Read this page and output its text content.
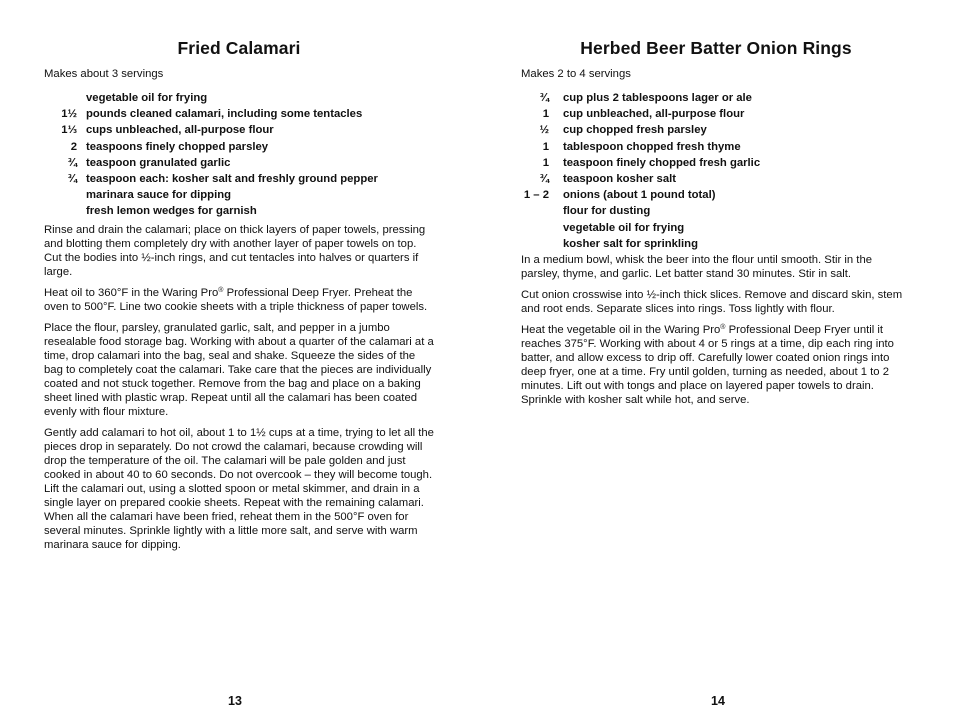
Fried Calamari
Makes about 3 servings
vegetable oil for frying
1½ pounds cleaned calamari, including some tentacles
1⅓ cups unbleached, all-purpose flour
2 teaspoons finely chopped parsley
¾ teaspoon granulated garlic
¾ teaspoon each: kosher salt and freshly ground pepper
marinara sauce for dipping
fresh lemon wedges for garnish

Rinse and drain the calamari; place on thick layers of paper towels, pressing and blotting them completely dry with another layer of paper towels on top. Cut the bodies into ½-inch rings, and cut tentacles into halves or quarters if large.

Heat oil to 360°F in the Waring Pro® Professional Deep Fryer. Preheat the oven to 500°F. Line two cookie sheets with a triple thickness of paper towels.

Place the flour, parsley, granulated garlic, salt, and pepper in a jumbo resealable food storage bag. Working with about a quarter of the calamari at a time, drop calamari into the bag, seal and shake. Squeeze the sides of the bag to completely coat the calamari. Take care that the pieces are individually coated and not stuck together. Remove from the bag and place on a baking sheet lined with plastic wrap. Repeat until all the calamari has been coated evenly with flour mixture.

Gently add calamari to hot oil, about 1 to 1½ cups at a time, trying to let all the pieces drop in separately. Do not crowd the calamari, because crowding will drop the temperature of the oil. The calamari will be pale golden and just cooked in about 40 to 60 seconds. Do not overcook – they will become tough. Lift the calamari out, using a slotted spoon or metal skimmer, and drain in a single layer on prepared cookie sheets. Repeat with the remaining calamari. When all the calamari have been fried, reheat them in the 500°F oven for several minutes. Sprinkle lightly with a little more salt, and serve with warm marinara sauce for dipping.

13
Herbed Beer Batter Onion Rings
Makes 2 to 4 servings
¾ cup plus 2 tablespoons lager or ale
1 cup unbleached, all-purpose flour
½ cup chopped fresh parsley
1 tablespoon chopped fresh thyme
1 teaspoon finely chopped fresh garlic
¾ teaspoon kosher salt
1 – 2 onions (about 1 pound total)
flour for dusting
vegetable oil for frying
kosher salt for sprinkling

In a medium bowl, whisk the beer into the flour until smooth. Stir in the parsley, thyme, and garlic. Let batter stand 30 minutes. Stir in salt.

Cut onion crosswise into ½-inch thick slices. Remove and discard skin, stem and root ends. Separate slices into rings. Toss lightly with flour.

Heat the vegetable oil in the Waring Pro® Professional Deep Fryer until it reaches 375°F. Working with about 4 or 5 rings at a time, dip each ring into batter, and allow excess to drip off. Carefully lower coated onion rings into deep fryer, one at a time. Fry until golden, turning as needed, about 1 to 2 minutes. Lift out with tongs and place on layered paper towels to drain. Sprinkle with kosher salt while hot, and serve.

14
